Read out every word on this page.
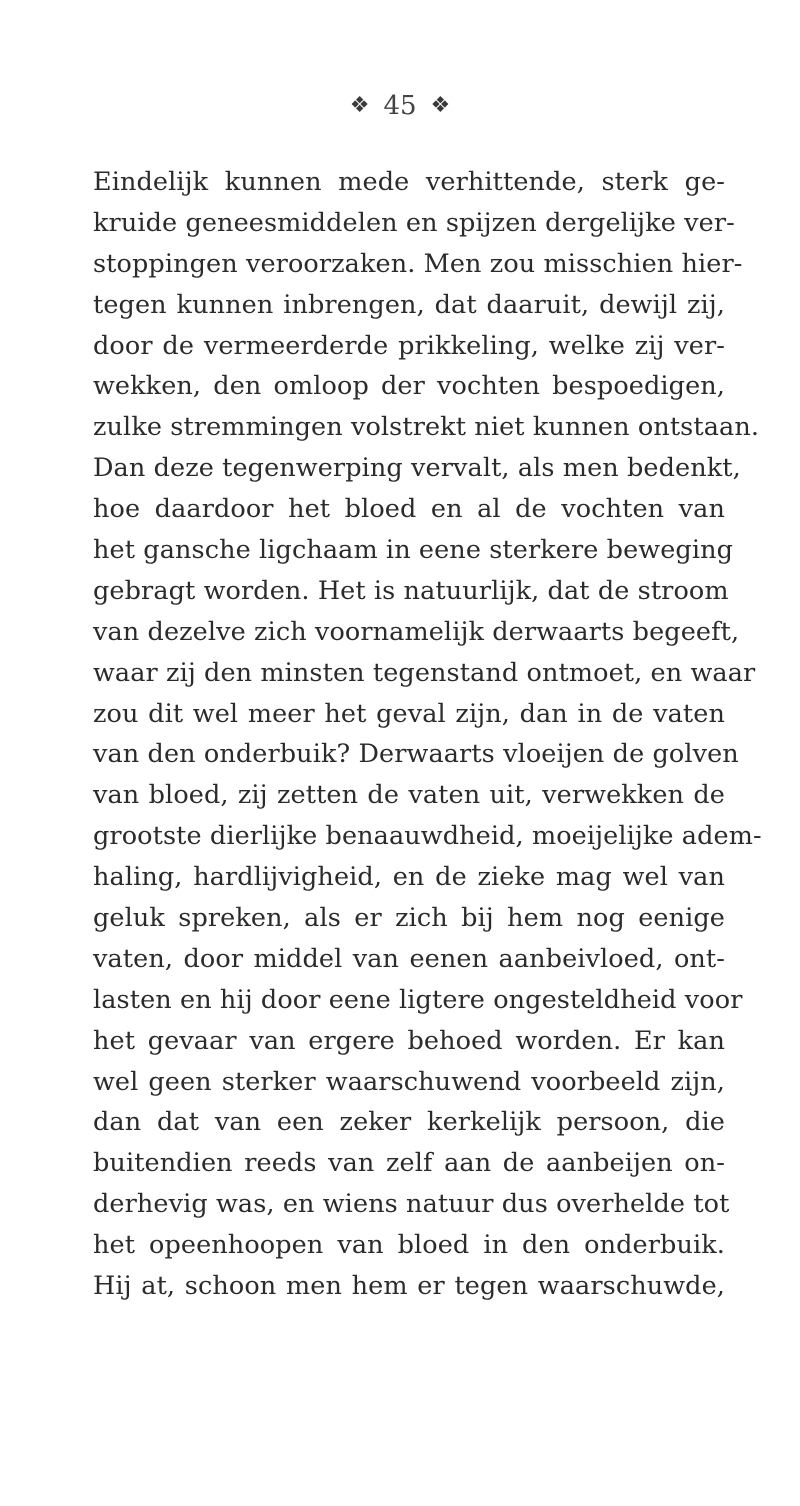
❖ 45 ❖
Eindelijk kunnen mede verhittende, sterk ge-
kruide geneesmiddelen en spijzen dergelijke ver-
stoppingen veroorzaken. Men zou misschien hier-
tegen kunnen inbrengen, dat daaruit, dewijl zij,
door de vermeerderde prikkeling, welke zij ver-
wekken, den omloop der vochten bespoedigen,
zulke stremmingen volstrekt niet kunnen ontstaan.
Dan deze tegenwerping vervalt, als men bedenkt,
hoe daardoor het bloed en al de vochten van
het gansche ligchaam in eene sterkere beweging
gebragt worden. Het is natuurlijk, dat de stroom
van dezelve zich voornamelijk derwaarts begeeft,
waar zij den minsten tegenstand ontmoet, en waar
zou dit wel meer het geval zijn, dan in de vaten
van den onderbuik? Derwaarts vloeijen de golven
van bloed, zij zetten de vaten uit, verwekken de
grootste dierlijke benaauwdheid, moeijelijke adem-
haling, hardlijvigheid, en de zieke mag wel van
geluk spreken, als er zich bij hem nog eenige
vaten, door middel van eenen aanbeivloed, ont-
lasten en hij door eene ligtere ongesteldheid voor
het gevaar van ergere behoed worden. Er kan
wel geen sterker waarschuwend voorbeeld zijn,
dan dat van een zeker kerkelijk persoon, die
buitendien reeds van zelf aan de aanbeijen on-
derhevig was, en wiens natuur dus overhelde tot
het opeenhoopen van bloed in den onderbuik.
Hij at, schoon men hem er tegen waarschuwde,
